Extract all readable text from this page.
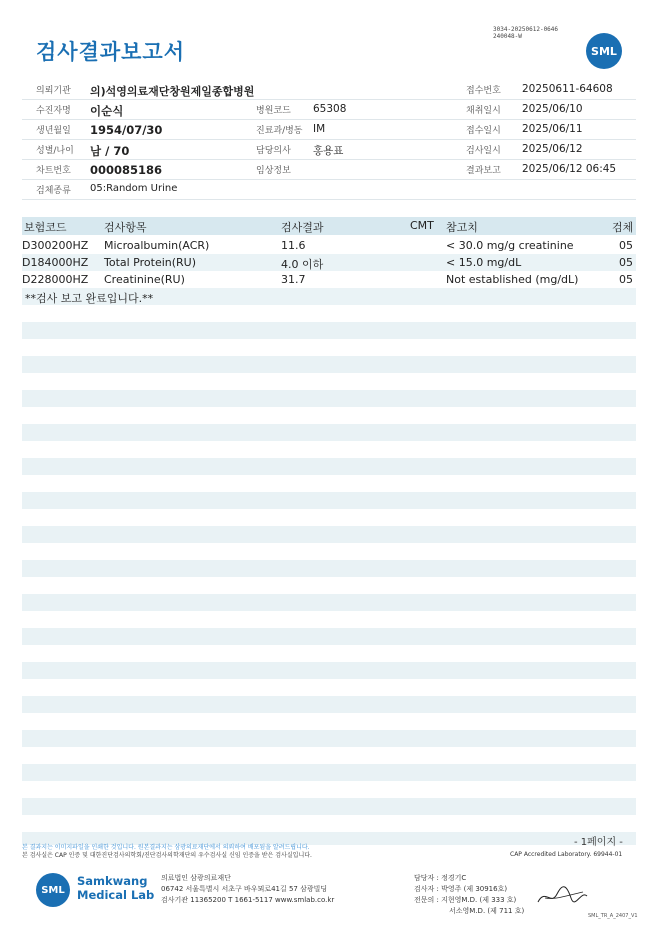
검사결과보고서
3034-20250612-0646
240048-W
SML
의뢰기관 의)석영의료재단창원제일종합병원	접수번호 20250611-64608
수진자명 이순식	병원코드 65308	채취일시 2025/06/10
생년월일 1954/07/30	진료과/병동 IM	접수일시 2025/06/11
성별/나이 남 / 70	담당의사 홍용표	검사일시 2025/06/12
차트번호 000085186	임상정보	결과보고 2025/06/12 06:45
검체종류 05:Random Urine
보험코드	검사항목	검사결과	CMT 참고치	검체
D300200HZ Microalbumin(ACR)	11.6	< 30.0 mg/g creatinine	05
D184000HZ Total Protein(RU)	4.0 이하	< 15.0 mg/dL	05
D228000HZ Creatinine(RU)	31.7	Not established (mg/dL)	05
**검사 보고 완료입니다.**
- 1페이지 -
본 결과지는 이미지파일을 인쇄한 것입니다. 원본결과지는 삼광의료재단에서 의뢰하여 배포됨을 알려드립니다.
본 검사실은 CAP 인증 및 대한진단검사의학회/진단검사의학재단의 우수검사실 신임 인증을 받은 검사실입니다.	CAP Accredited Laboratory. 69944-01
SML
Samkwang
Medical Lab
의료법인 삼광의료재단
06742 서울특별시 서초구 바우뫼로41길 57 삼광빌딩
검사기관 11365200 T 1661-5117 www.smlab.co.kr
담당자 : 정경기C
검사자 : 박영주 (제 30916호)
전문의 : 지현영M.D. (제 333 호)
서소영M.D. (제 711 호)
SML_TR_A_2407_V1
